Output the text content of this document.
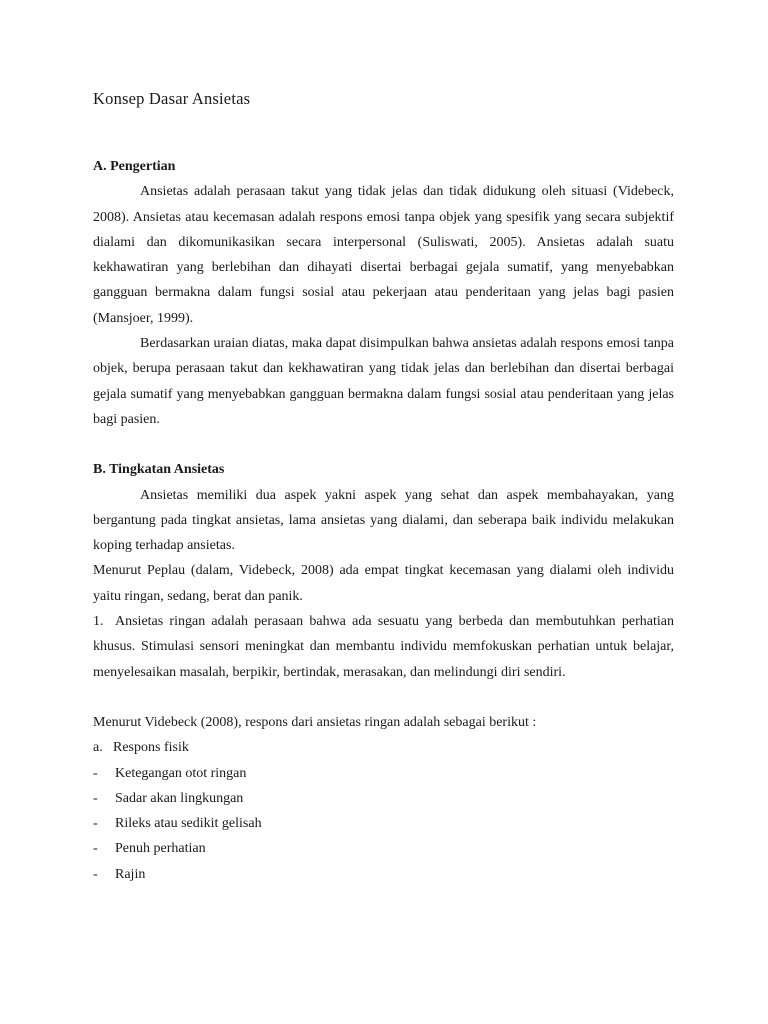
Konsep Dasar Ansietas
A. Pengertian

Ansietas adalah perasaan takut yang tidak jelas dan tidak didukung oleh situasi (Videbeck, 2008). Ansietas atau kecemasan adalah respons emosi tanpa objek yang spesifik yang secara subjektif dialami dan dikomunikasikan secara interpersonal (Suliswati, 2005). Ansietas adalah suatu kekhawatiran yang berlebihan dan dihayati disertai berbagai gejala sumatif, yang menyebabkan gangguan bermakna dalam fungsi sosial atau pekerjaan atau penderitaan yang jelas bagi pasien (Mansjoer, 1999).

Berdasarkan uraian diatas, maka dapat disimpulkan bahwa ansietas adalah respons emosi tanpa objek, berupa perasaan takut dan kekhawatiran yang tidak jelas dan berlebihan dan disertai berbagai gejala sumatif yang menyebabkan gangguan bermakna dalam fungsi sosial atau penderitaan yang jelas bagi pasien.

B. Tingkatan Ansietas

Ansietas memiliki dua aspek yakni aspek yang sehat dan aspek membahayakan, yang bergantung pada tingkat ansietas, lama ansietas yang dialami, dan seberapa baik individu melakukan koping terhadap ansietas.

Menurut Peplau (dalam, Videbeck, 2008) ada empat tingkat kecemasan yang dialami oleh individu yaitu ringan, sedang, berat dan panik.

1. Ansietas ringan adalah perasaan bahwa ada sesuatu yang berbeda dan membutuhkan perhatian khusus. Stimulasi sensori meningkat dan membantu individu memfokuskan perhatian untuk belajar, menyelesaikan masalah, berpikir, bertindak, merasakan, dan melindungi diri sendiri.

Menurut Videbeck (2008), respons dari ansietas ringan adalah sebagai berikut :

a. Respons fisik
-	Ketegangan otot ringan
-	Sadar akan lingkungan
-	Rileks atau sedikit gelisah
-	Penuh perhatian
-	Rajin
